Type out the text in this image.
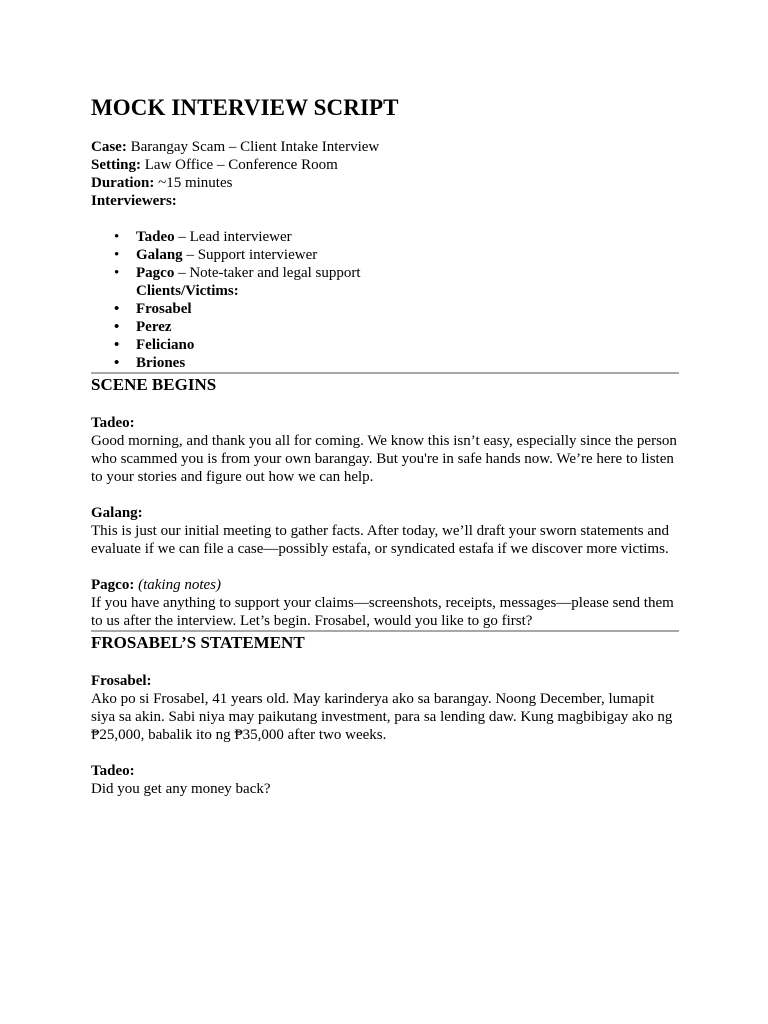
MOCK INTERVIEW SCRIPT
Case: Barangay Scam – Client Intake Interview
Setting: Law Office – Conference Room
Duration: ~15 minutes
Interviewers:
• Tadeo – Lead interviewer
• Galang – Support interviewer
• Pagco – Note-taker and legal support
Clients/Victims:
• Frosabel
• Perez
• Feliciano
• Briones
SCENE BEGINS
Tadeo:

Good morning, and thank you all for coming. We know this isn’t easy, especially since the person who scammed you is from your own barangay. But you're in safe hands now. We’re here to listen to your stories and figure out how we can help.

Galang:

This is just our initial meeting to gather facts. After today, we’ll draft your sworn statements and evaluate if we can file a case—possibly estafa, or syndicated estafa if we discover more victims.

Pagco: (taking notes)

If you have anything to support your claims—screenshots, receipts, messages—please send them to us after the interview. Let’s begin. Frosabel, would you like to go first?

FROSABEL’S STATEMENT
Frosabel:

Ako po si Frosabel, 41 years old. May karinderya ako sa barangay. Noong December, lumapit siya sa akin. Sabi niya may paikutang investment, para sa lending daw. Kung magbibigay ako ng ₱25,000, babalik ito ng ₱35,000 after two weeks.

Tadeo:

Did you get any money back?
